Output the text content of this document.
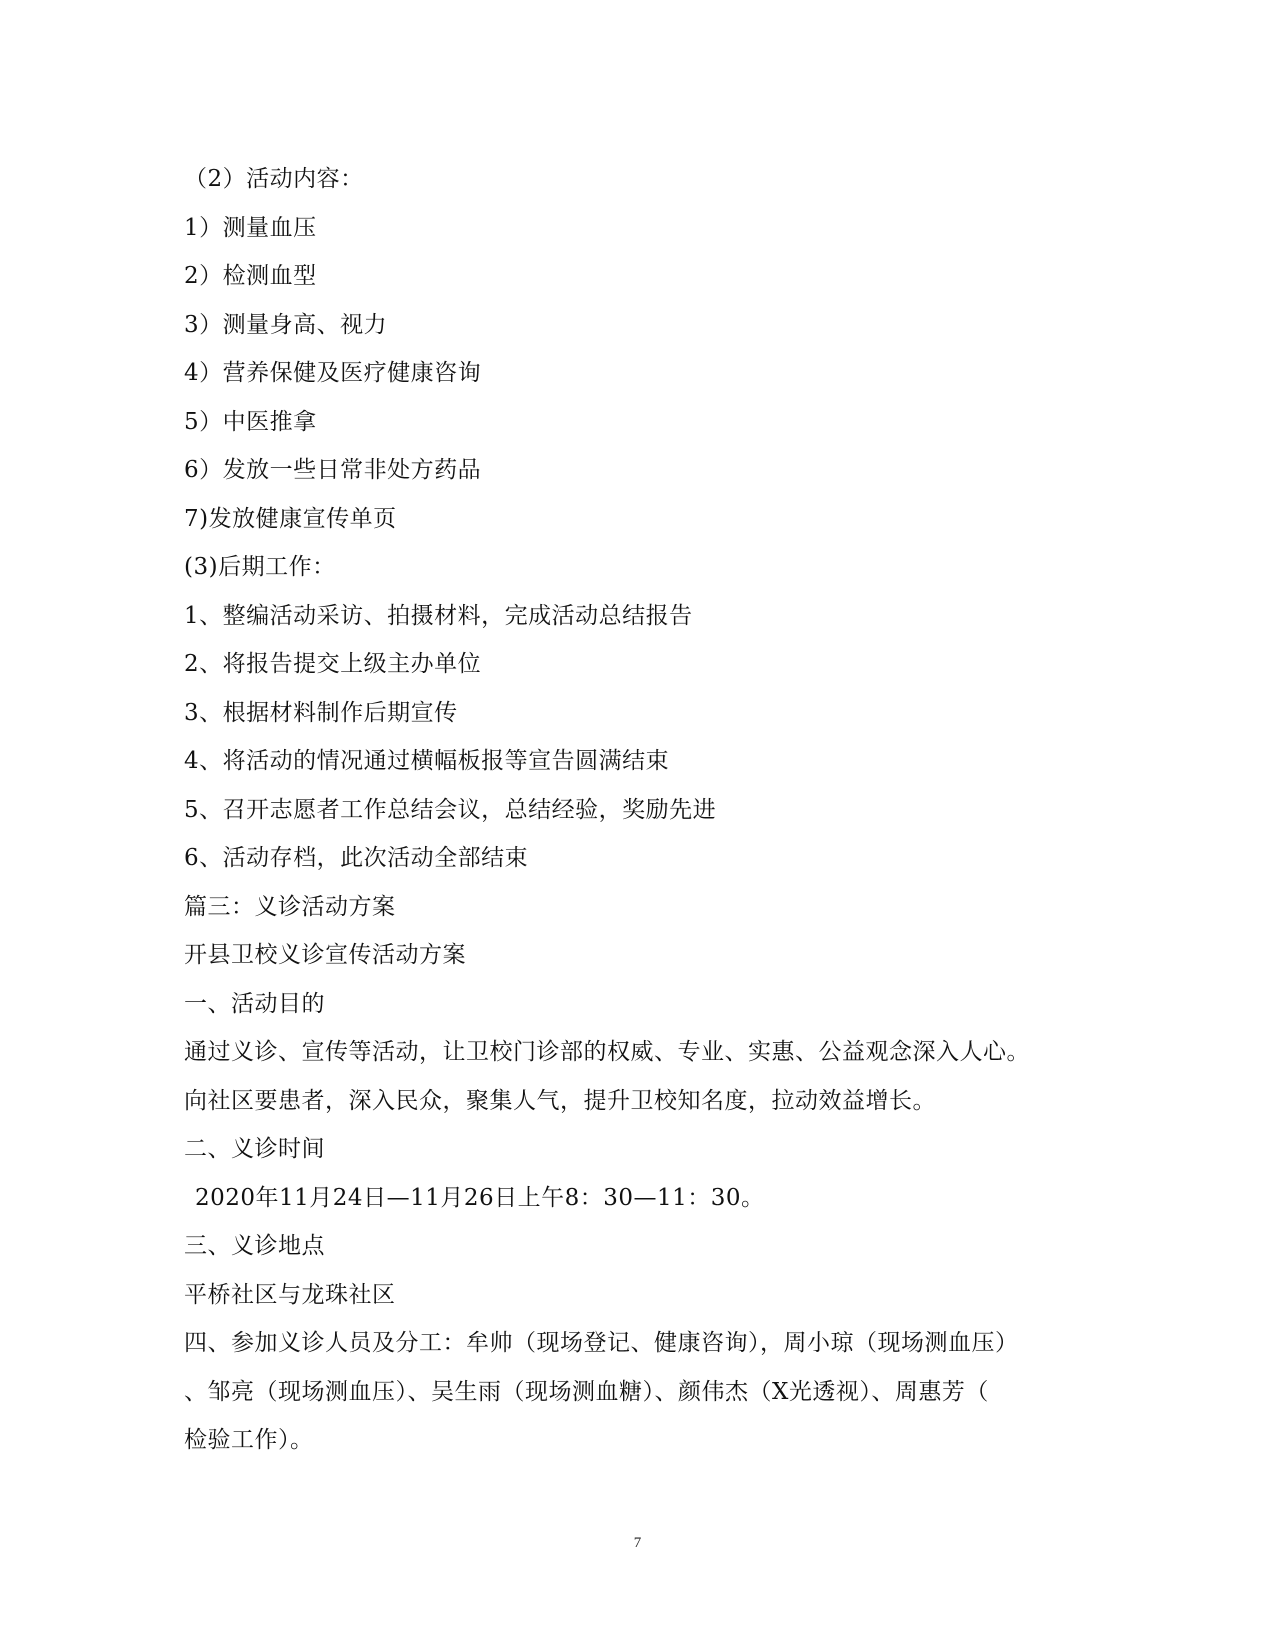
（2）活动内容：
1）测量血压
2）检测血型
3）测量身高、视力
4）营养保健及医疗健康咨询
5）中医推拿
6）发放一些日常非处方药品
7)发放健康宣传单页
(3)后期工作：
1、整编活动采访、拍摄材料，完成活动总结报告
2、将报告提交上级主办单位
3、根据材料制作后期宣传
4、将活动的情况通过横幅板报等宣告圆满结束
5、召开志愿者工作总结会议，总结经验，奖励先进
6、活动存档，此次活动全部结束
篇三：义诊活动方案
开县卫校义诊宣传活动方案
一、活动目的
通过义诊、宣传等活动，让卫校门诊部的权威、专业、实惠、公益观念深入人心。
向社区要患者，深入民众，聚集人气，提升卫校知名度，拉动效益增长。
二、义诊时间
2020年11月24日—11月26日上午8：30—11：30。
三、义诊地点
平桥社区与龙珠社区
四、参加义诊人员及分工：牟帅（现场登记、健康咨询），周小琼（现场测血压）
、邹亮（现场测血压）、吴生雨（现场测血糖）、颜伟杰（X光透视）、周惠芳（
检验工作）。
7
